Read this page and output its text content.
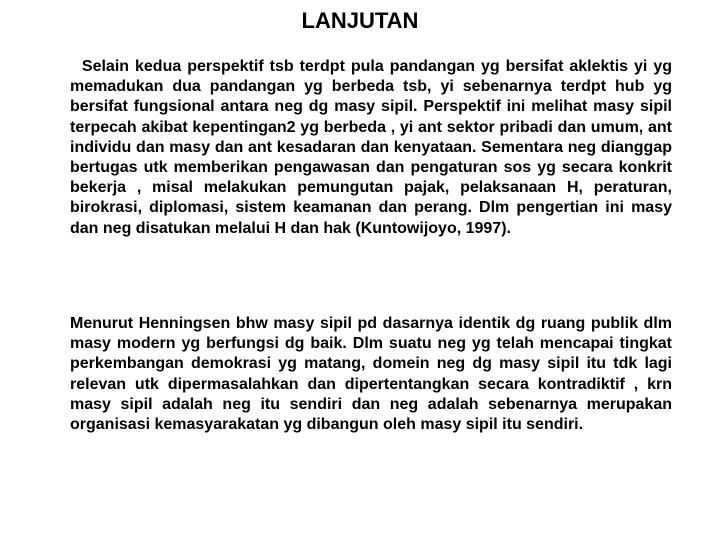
LANJUTAN

Selain kedua perspektif tsb terdpt pula pandangan yg bersifat aklektis yi yg memadukan dua pandangan yg berbeda tsb, yi sebenarnya terdpt hub yg bersifat fungsional antara neg dg masy sipil. Perspektif ini melihat masy sipil terpecah akibat kepentingan2 yg berbeda , yi ant sektor pribadi dan umum, ant individu dan masy dan ant kesadaran dan kenyataan. Sementara neg dianggap bertugas utk memberikan pengawasan dan pengaturan sos yg secara konkrit bekerja , misal melakukan pemungutan pajak, pelaksanaan H, peraturan, birokrasi, diplomasi, sistem keamanan dan perang. Dlm pengertian ini masy dan neg disatukan melalui H dan hak (Kuntowijoyo, 1997).

Menurut Henningsen bhw masy sipil pd dasarnya identik dg ruang publik dlm masy modern yg berfungsi dg baik. Dlm suatu neg yg telah mencapai tingkat perkembangan demokrasi yg matang, domein neg dg masy sipil itu tdk lagi relevan utk dipermasalahkan dan dipertentangkan secara kontradiktif , krn masy sipil adalah neg itu sendiri dan neg adalah sebenarnya merupakan organisasi kemasyarakatan yg dibangun oleh masy sipil itu sendiri.
